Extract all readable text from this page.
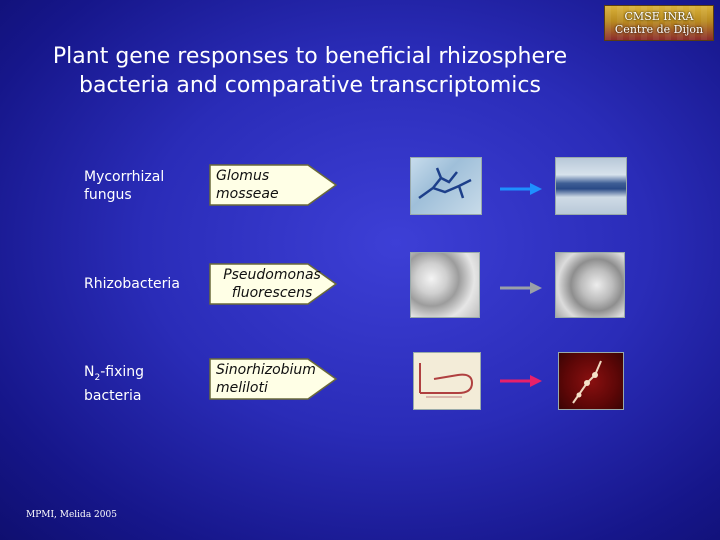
Plant gene responses to beneficial rhizosphere
bacteria and comparative transcriptomics
CMSE INRA
Centre de Dijon
Mycorrhizal
fungus
Glomus
mosseae
Rhizobacteria
Pseudomonas
fluorescens
$N_2$-fixing
bacteria
Sinorhizobium
meliloti
MPMI, Melida 2005
